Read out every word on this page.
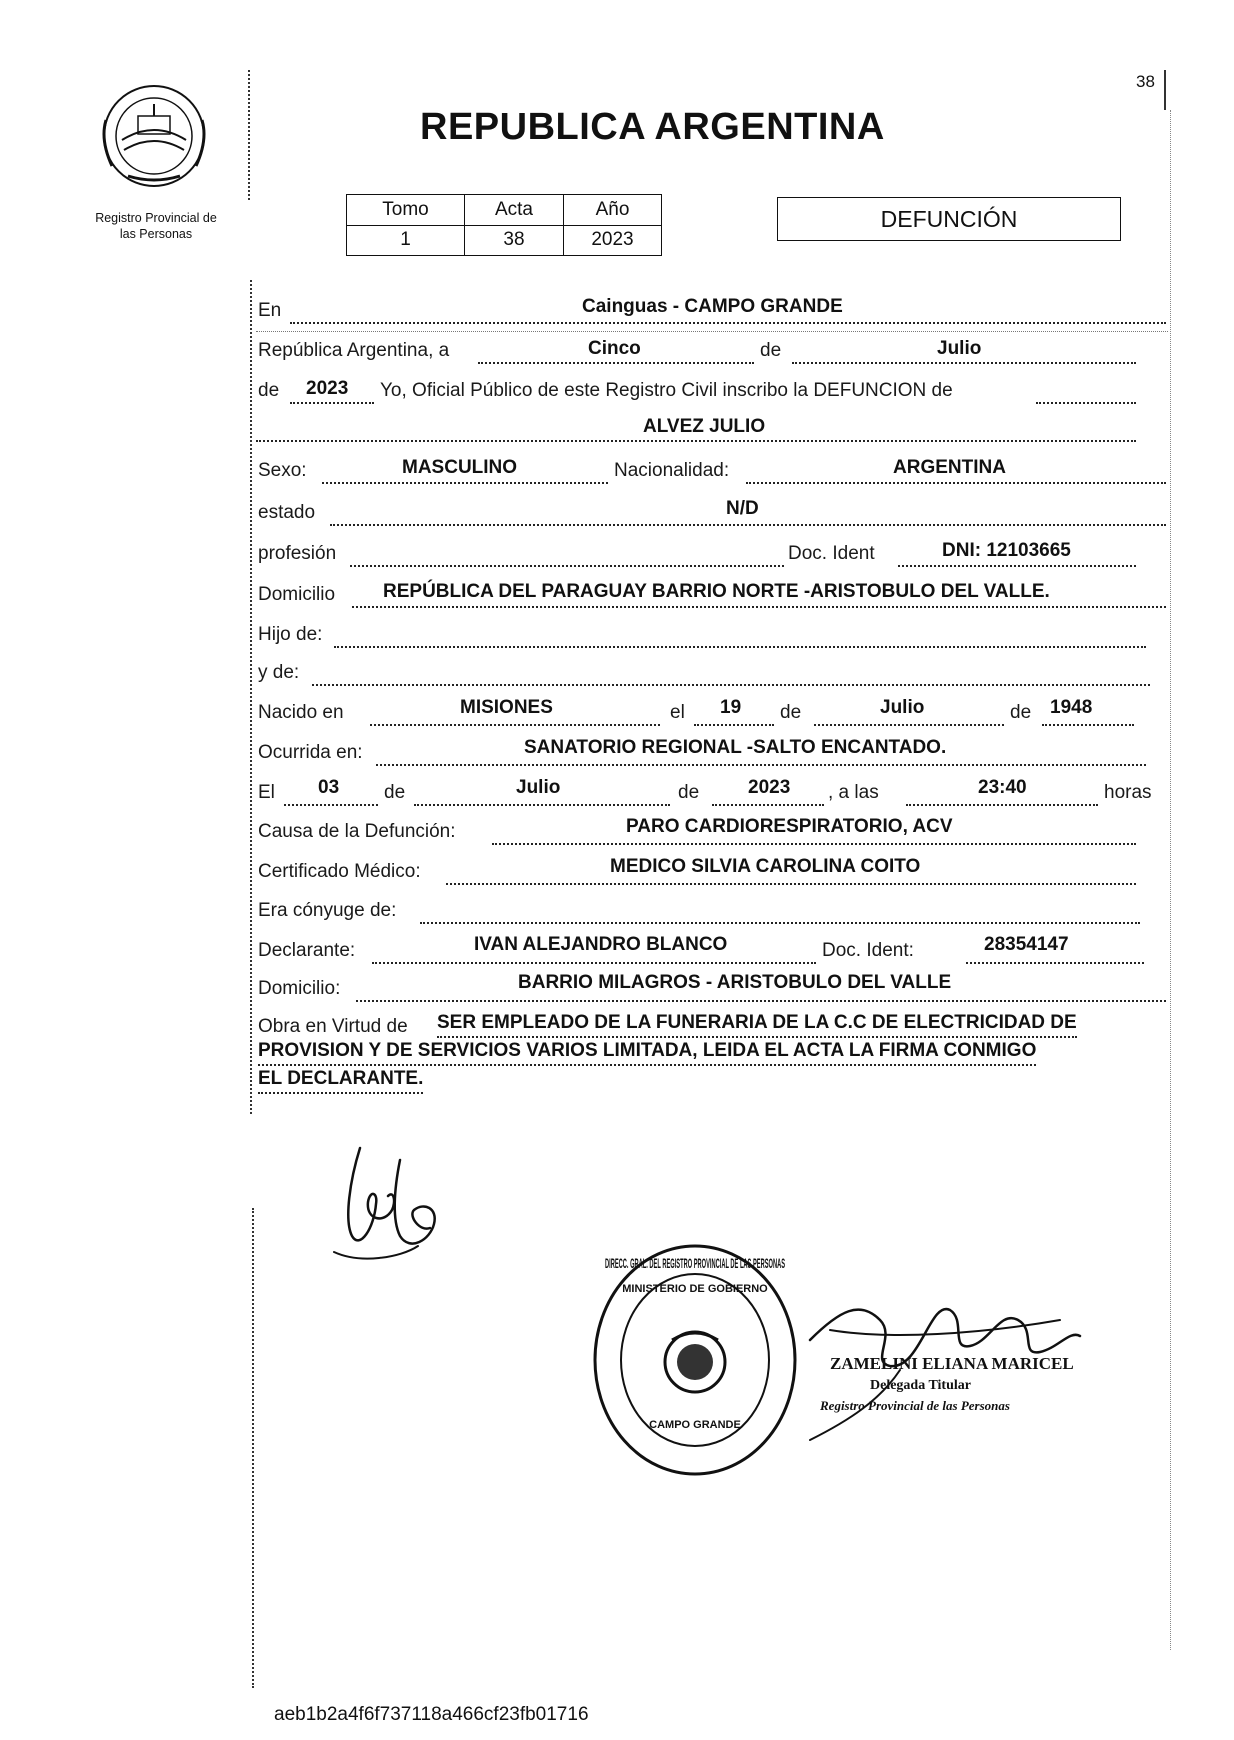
38
REPUBLICA ARGENTINA
Registro Provincial de
las Personas
Tomo	Acta	Año
1	38	2023
DEFUNCIÓN
En	Cainguas - CAMPO GRANDE
República Argentina, a	Cinco	de	Julio
de 2023 Yo, Oficial Público de este Registro Civil inscribo la DEFUNCION de
ALVEZ JULIO
Sexo:	MASCULINO	Nacionalidad:	ARGENTINA
estado	N/D
profesión	Doc. Ident	DNI: 12103665
Domicilio	REPÚBLICA DEL PARAGUAY BARRIO NORTE -ARISTOBULO DEL VALLE.
Hijo de:
y de:
Nacido en	MISIONES	el 19 de	Julio	de 1948
Ocurrida en:	SANATORIO REGIONAL -SALTO ENCANTADO.
El 03 de	Julio	de	2023 , a las	23:40	horas
Causa de la Defunción:	PARO CARDIORESPIRATORIO, ACV
Certificado Médico:	MEDICO SILVIA CAROLINA COITO
Era cónyuge de:
Declarante:	IVAN ALEJANDRO BLANCO	Doc. Ident:	28354147
Domicilio:	BARRIO MILAGROS - ARISTOBULO DEL VALLE
Obra en Virtud de SER EMPLEADO DE LA FUNERARIA DE LA C.C DE ELECTRICIDAD DE
PROVISION Y DE SERVICIOS VARIOS LIMITADA, LEIDA EL ACTA LA FIRMA CONMIGO
EL DECLARANTE.
DIRECC. GRAL. DEL REGISTRO PROVINCIAL DE LAS PERSONAS
MINISTERIO DE GOBIERNO
CAMPO GRANDE
ZAMELINI ELIANA MARICEL
Delegada Titular
Registro Provincial de las Personas
aeb1b2a4f6f737118a466cf23fb01716
